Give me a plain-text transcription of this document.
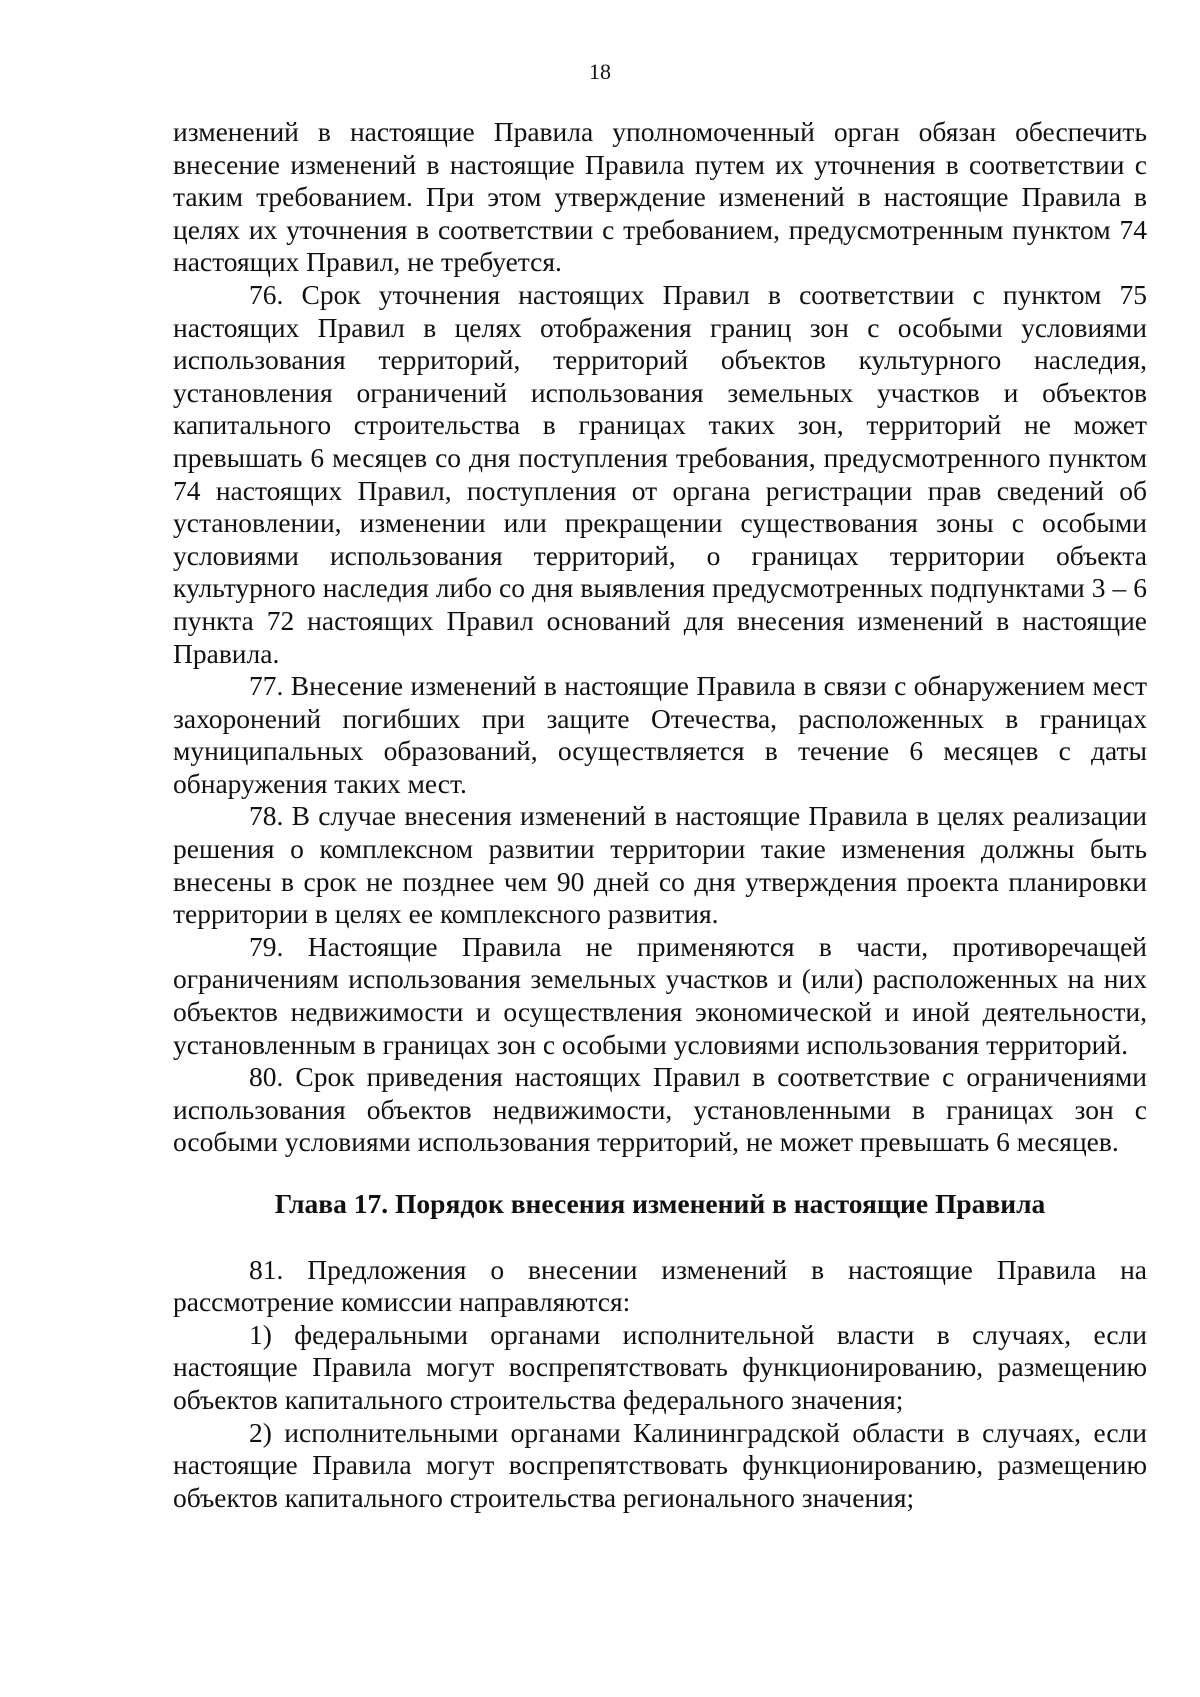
18

изменений в настоящие Правила уполномоченный орган обязан обеспечить внесение изменений в настоящие Правила путем их уточнения в соответствии с таким требованием. При этом утверждение изменений в настоящие Правила в целях их уточнения в соответствии с требованием, предусмотренным пунктом 74 настоящих Правил, не требуется.

76. Срок уточнения настоящих Правил в соответствии с пунктом 75 настоящих Правил в целях отображения границ зон с особыми условиями использования территорий, территорий объектов культурного наследия, установления ограничений использования земельных участков и объектов капитального строительства в границах таких зон, территорий не может превышать 6 месяцев со дня поступления требования, предусмотренного пунктом 74 настоящих Правил, поступления от органа регистрации прав сведений об установлении, изменении или прекращении существования зоны с особыми условиями использования территорий, о границах территории объекта культурного наследия либо со дня выявления предусмотренных подпунктами 3 – 6 пункта 72 настоящих Правил оснований для внесения изменений в настоящие Правила.

77. Внесение изменений в настоящие Правила в связи с обнаружением мест захоронений погибших при защите Отечества, расположенных в границах муниципальных образований, осуществляется в течение 6 месяцев с даты обнаружения таких мест.

78. В случае внесения изменений в настоящие Правила в целях реализации решения о комплексном развитии территории такие изменения должны быть внесены в срок не позднее чем 90 дней со дня утверждения проекта планировки территории в целях ее комплексного развития.

79. Настоящие Правила не применяются в части, противоречащей ограничениям использования земельных участков и (или) расположенных на них объектов недвижимости и осуществления экономической и иной деятельности, установленным в границах зон с особыми условиями использования территорий.

80. Срок приведения настоящих Правил в соответствие с ограничениями использования объектов недвижимости, установленными в границах зон с особыми условиями использования территорий, не может превышать 6 месяцев.

Глава 17. Порядок внесения изменений в настоящие Правила

81. Предложения о внесении изменений в настоящие Правила на рассмотрение комиссии направляются:

1) федеральными органами исполнительной власти в случаях, если настоящие Правила могут воспрепятствовать функционированию, размещению объектов капитального строительства федерального значения;

2) исполнительными органами Калининградской области в случаях, если настоящие Правила могут воспрепятствовать функционированию, размещению объектов капитального строительства регионального значения;
